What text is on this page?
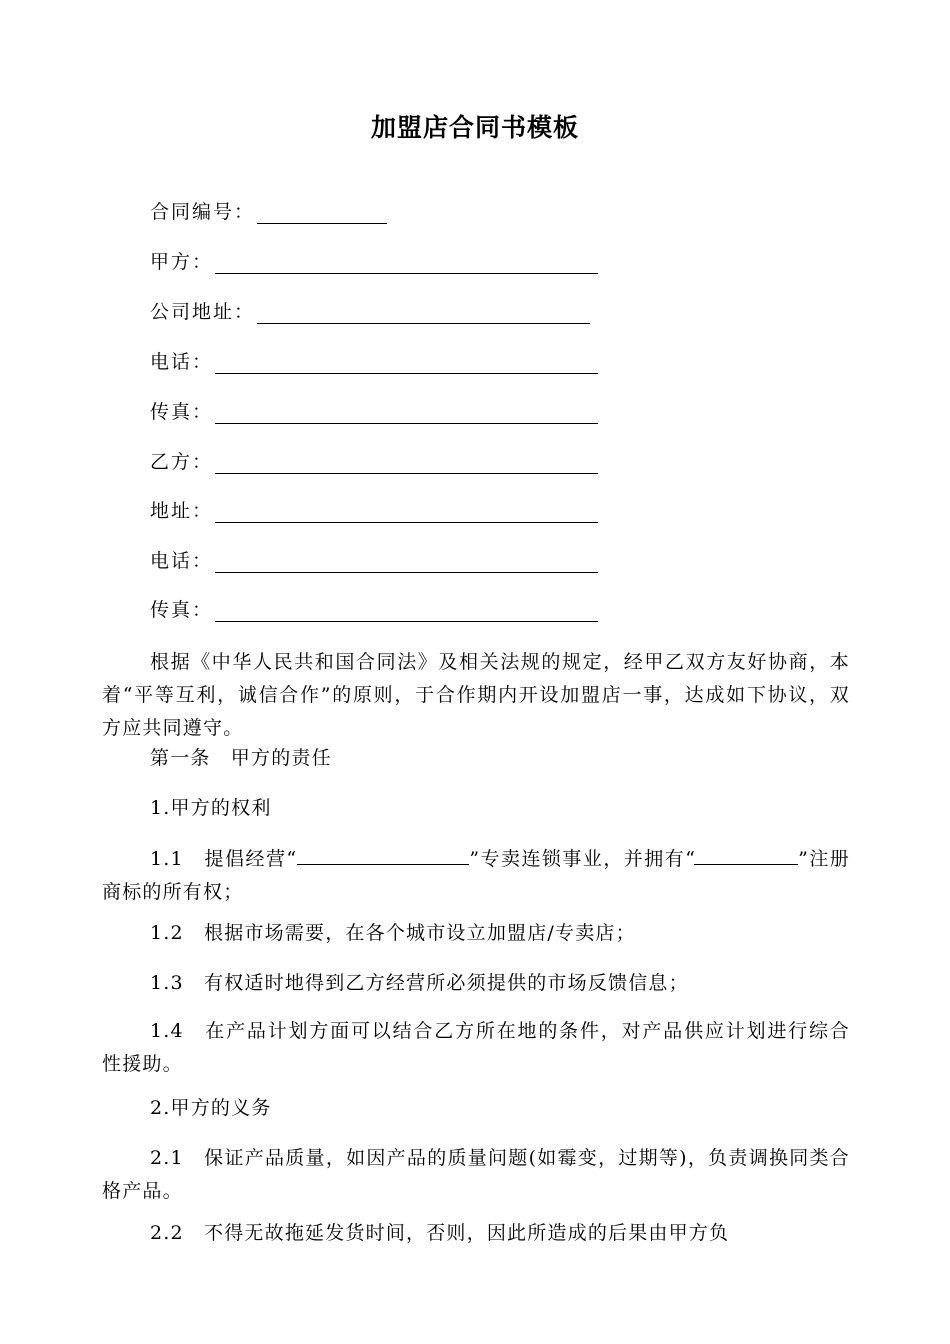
加盟店合同书模板
合同编号：
甲方：
公司地址：
电话：
传真：
乙方：
地址：
电话：
传真：
根据《中华人民共和国合同法》及相关法规的规定，经甲乙双方友好协商，本着“平等互利，诚信合作”的原则，于合作期内开设加盟店一事，达成如下协议，双方应共同遵守。
第一条　甲方的责任
1.甲方的权利
1.1　提倡经营“	”专卖连锁事业，并拥有“	”注册商标的所有权；
1.2　根据市场需要，在各个城市设立加盟店/专卖店；
1.3　有权适时地得到乙方经营所必须提供的市场反馈信息；
1.4　在产品计划方面可以结合乙方所在地的条件，对产品供应计划进行综合性援助。
2.甲方的义务
2.1　保证产品质量，如因产品的质量问题(如霉变，过期等)，负责调换同类合格产品。
2.2　不得无故拖延发货时间，否则，因此所造成的后果由甲方负
